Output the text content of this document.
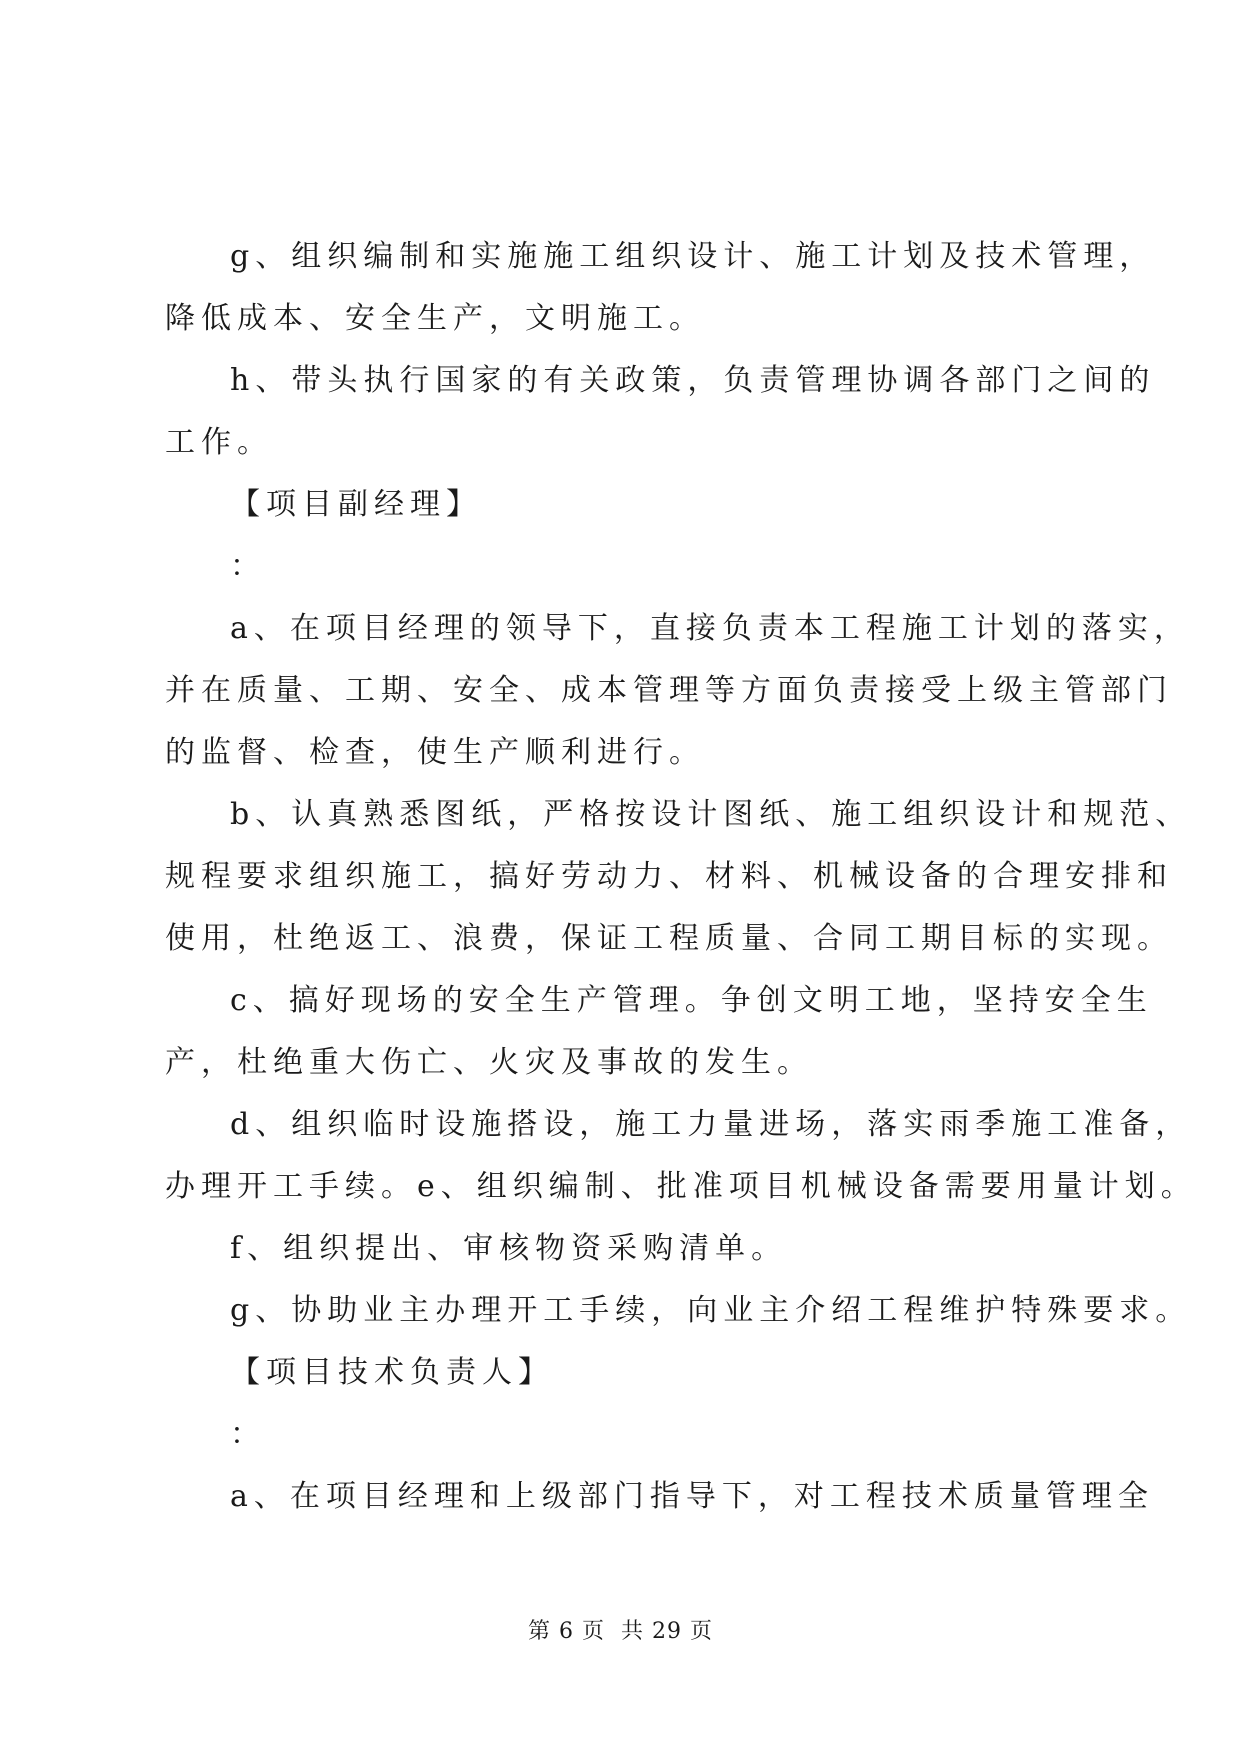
g、组织编制和实施施工组织设计、施工计划及技术管理，
降低成本、安全生产，文明施工。
h、带头执行国家的有关政策，负责管理协调各部门之间的
工作。
【项目副经理】
：
a、在项目经理的领导下，直接负责本工程施工计划的落实，
并在质量、工期、安全、成本管理等方面负责接受上级主管部门
的监督、检查，使生产顺利进行。
b、认真熟悉图纸，严格按设计图纸、施工组织设计和规范、
规程要求组织施工，搞好劳动力、材料、机械设备的合理安排和
使用，杜绝返工、浪费，保证工程质量、合同工期目标的实现。
c、搞好现场的安全生产管理。争创文明工地，坚持安全生
产，杜绝重大伤亡、火灾及事故的发生。
d、组织临时设施搭设，施工力量进场，落实雨季施工准备，
办理开工手续。e、组织编制、批准项目机械设备需要用量计划。
f、组织提出、审核物资采购清单。
g、协助业主办理开工手续，向业主介绍工程维护特殊要求。
【项目技术负责人】
：
a、在项目经理和上级部门指导下，对工程技术质量管理全
第 6 页 共 29 页
